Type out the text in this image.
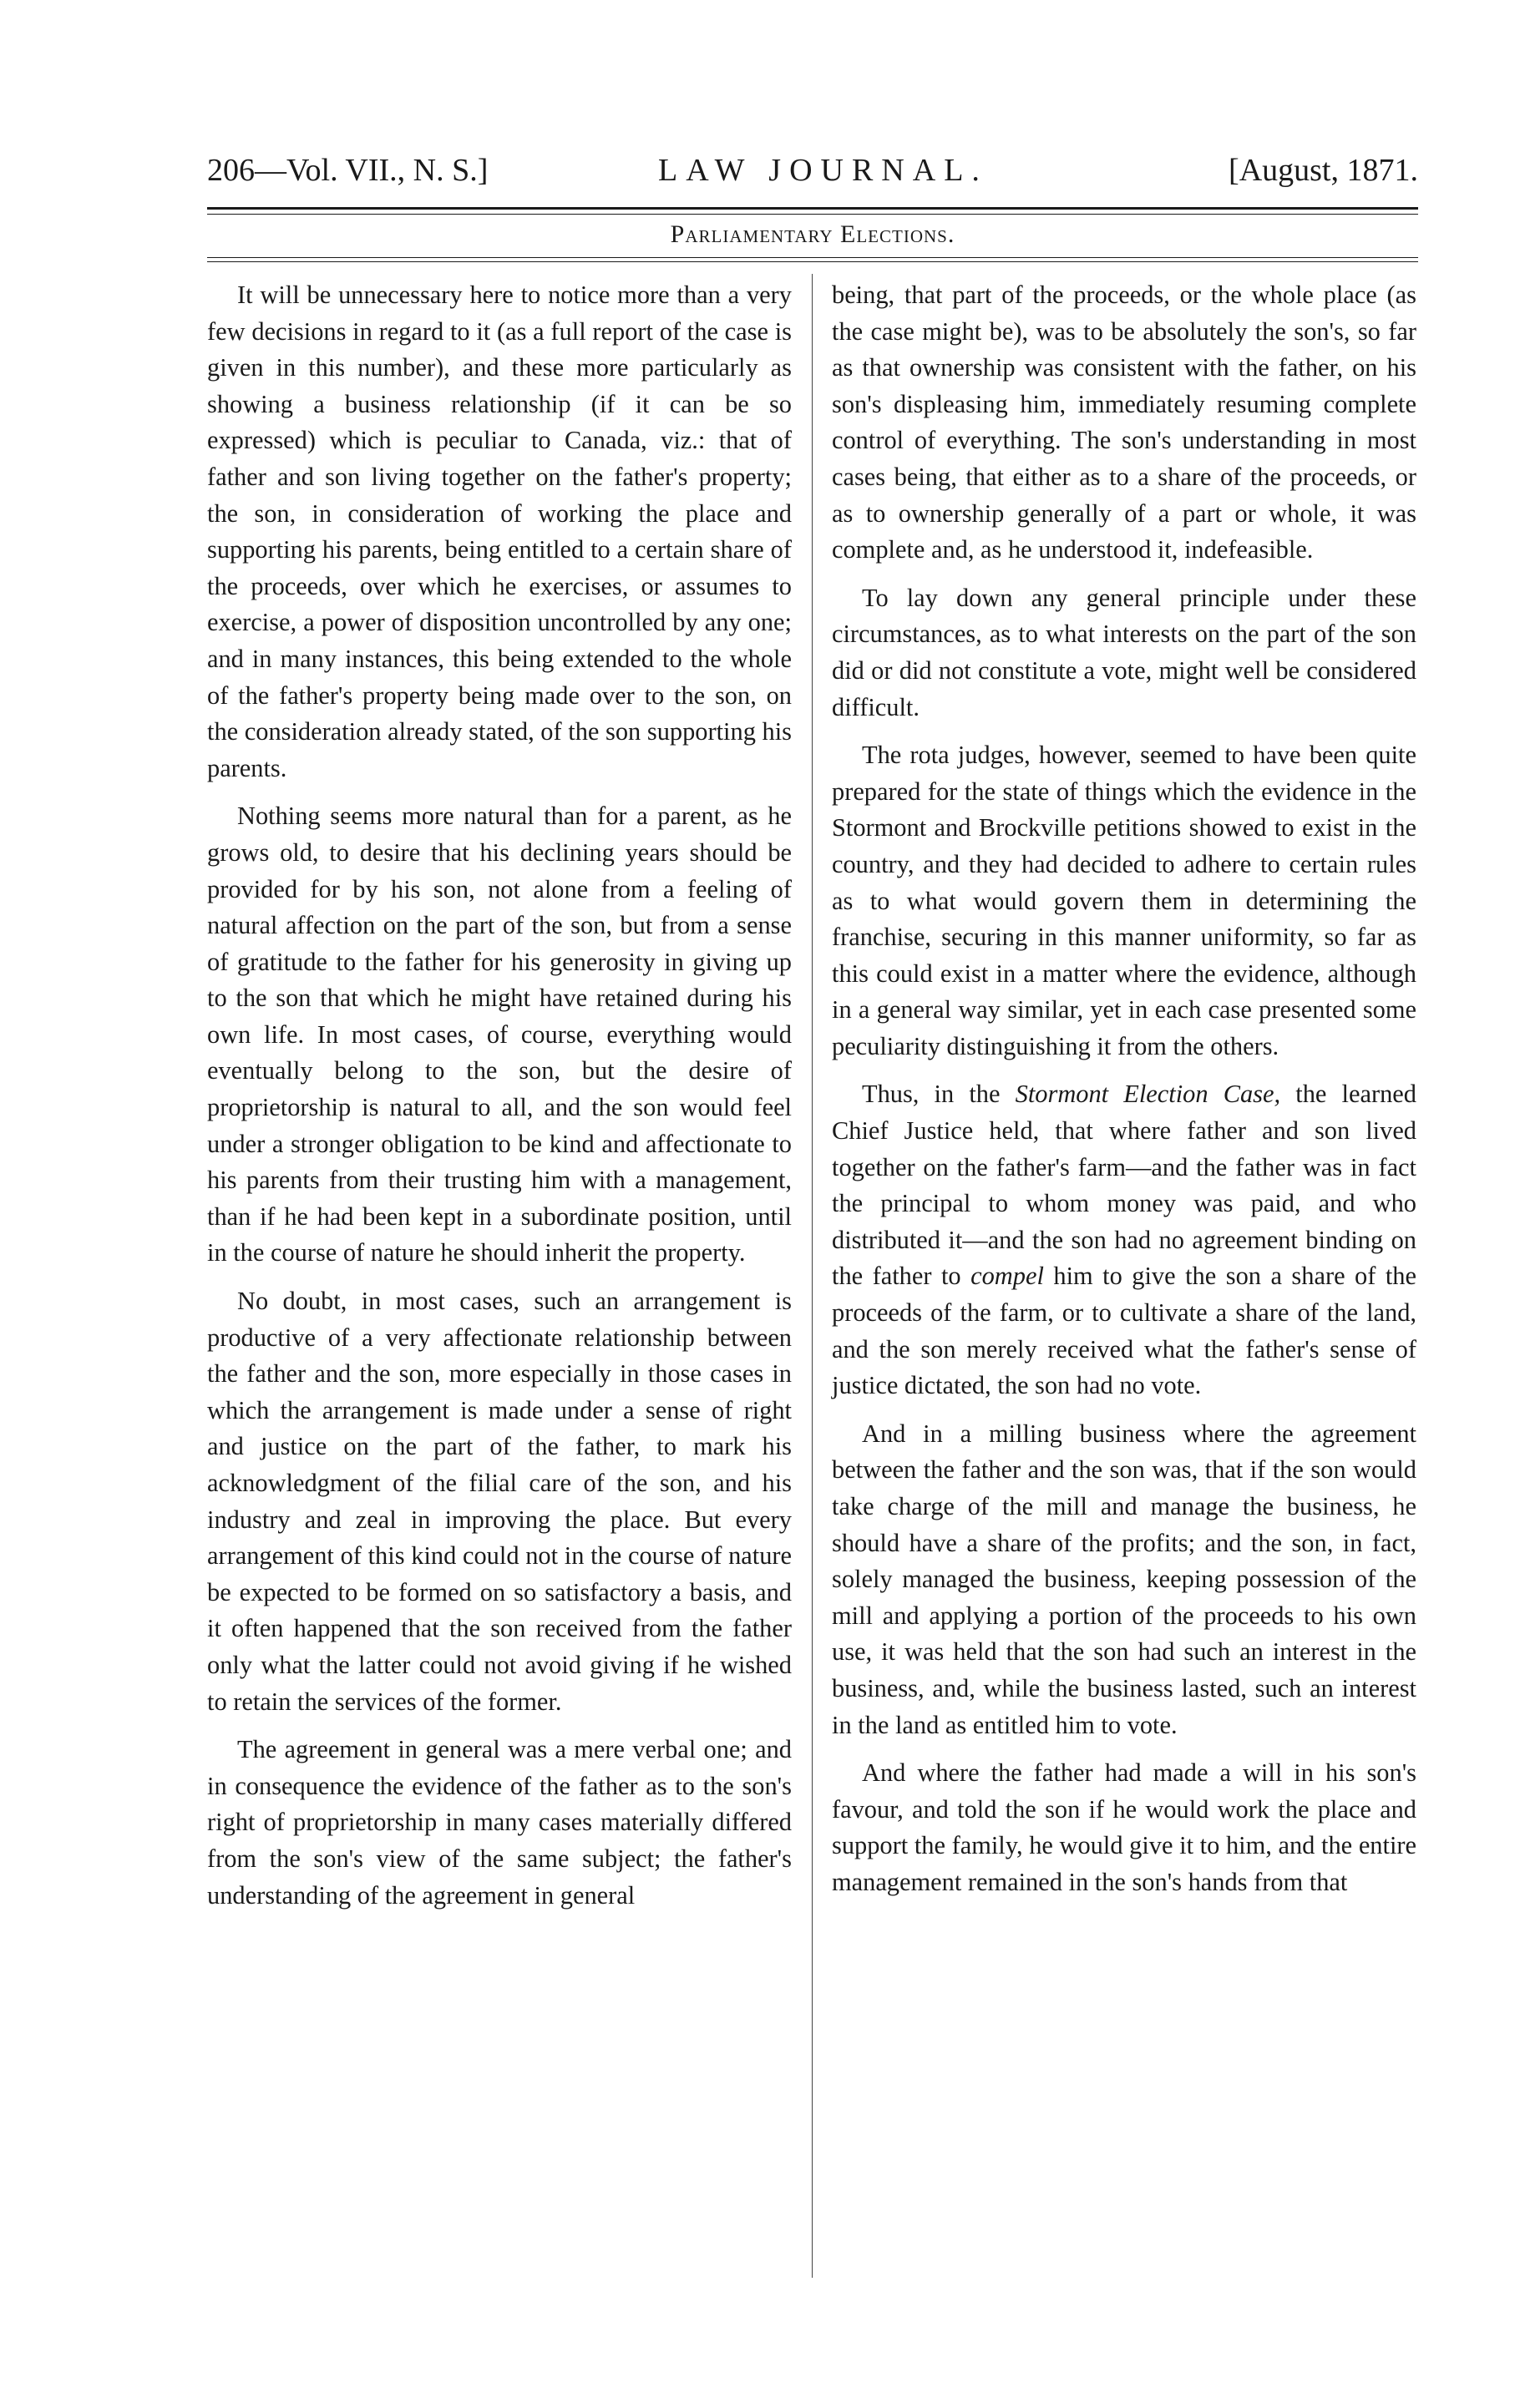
206—Vol. VII., N. S.]	LAW JOURNAL.	[August, 1871.
Parliamentary Elections.

It will be unnecessary here to notice more than a very few decisions in regard to it (as a full report of the case is given in this number), and these more particularly as showing a business relationship (if it can be so expressed) which is peculiar to Canada, viz.: that of father and son living together on the father's property; the son, in consideration of working the place and supporting his parents, being entitled to a certain share of the proceeds, over which he exercises, or assumes to exercise, a power of disposition uncontrolled by any one; and in many instances, this being extended to the whole of the father's property being made over to the son, on the consideration already stated, of the son supporting his parents.

Nothing seems more natural than for a parent, as he grows old, to desire that his declining years should be provided for by his son, not alone from a feeling of natural affection on the part of the son, but from a sense of gratitude to the father for his generosity in giving up to the son that which he might have retained during his own life. In most cases, of course, everything would eventually belong to the son, but the desire of proprietorship is natural to all, and the son would feel under a stronger obligation to be kind and affectionate to his parents from their trusting him with a management, than if he had been kept in a subordinate position, until in the course of nature he should inherit the property.

No doubt, in most cases, such an arrangement is productive of a very affectionate relationship between the father and the son, more especially in those cases in which the arrangement is made under a sense of right and justice on the part of the father, to mark his acknowledgment of the filial care of the son, and his industry and zeal in improving the place. But every arrangement of this kind could not in the course of nature be expected to be formed on so satisfactory a basis, and it often happened that the son received from the father only what the latter could not avoid giving if he wished to retain the services of the former.

The agreement in general was a mere verbal one; and in consequence the evidence of the father as to the son's right of proprietorship in many cases materially differed from the son's view of the same subject; the father's understanding of the agreement in general

being, that part of the proceeds, or the whole place (as the case might be), was to be absolutely the son's, so far as that ownership was consistent with the father, on his son's displeasing him, immediately resuming complete control of everything. The son's understanding in most cases being, that either as to a share of the proceeds, or as to ownership generally of a part or whole, it was complete and, as he understood it, indefeasible.

To lay down any general principle under these circumstances, as to what interests on the part of the son did or did not constitute a vote, might well be considered difficult.

The rota judges, however, seemed to have been quite prepared for the state of things which the evidence in the Stormont and Brockville petitions showed to exist in the country, and they had decided to adhere to certain rules as to what would govern them in determining the franchise, securing in this manner uniformity, so far as this could exist in a matter where the evidence, although in a general way similar, yet in each case presented some peculiarity distinguishing it from the others.

Thus, in the Stormont Election Case, the learned Chief Justice held, that where father and son lived together on the father's farm—and the father was in fact the principal to whom money was paid, and who distributed it—and the son had no agreement binding on the father to compel him to give the son a share of the proceeds of the farm, or to cultivate a share of the land, and the son merely received what the father's sense of justice dictated, the son had no vote.

And in a milling business where the agreement between the father and the son was, that if the son would take charge of the mill and manage the business, he should have a share of the profits; and the son, in fact, solely managed the business, keeping possession of the mill and applying a portion of the proceeds to his own use, it was held that the son had such an interest in the business, and, while the business lasted, such an interest in the land as entitled him to vote.

And where the father had made a will in his son's favour, and told the son if he would work the place and support the family, he would give it to him, and the entire management remained in the son's hands from that
